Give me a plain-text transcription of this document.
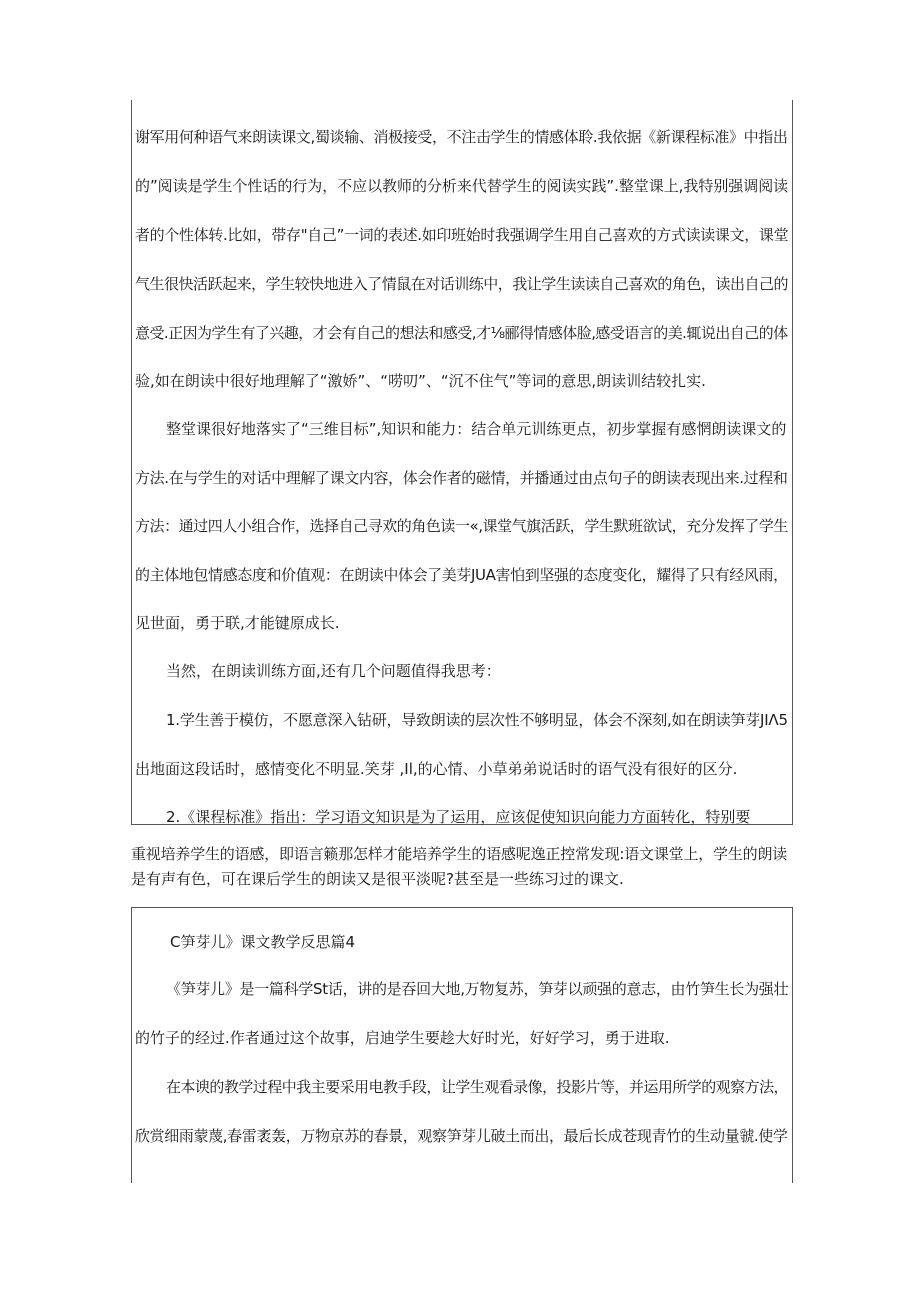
谢军用何种语气来朗读课文,蜀谈输、消极接受，不注击学生的情感体聆.我依据《新课程标准》中指出
的”阅读是学生个性话的行为，不应以教师的分析来代替学生的阅读实践”.整堂课上,我特别强调阅读
者的个性体转.比如，带存"自己”一词的表述.如印班始时我强调学生用自己喜欢的方式读读课文，课堂
气生很快活跃起来，学生较快地进入了情鼠在对话训练中，我让学生读读自己喜欢的角色，读出自己的
意受.正因为学生有了兴趣，才会有自己的想法和感受,才⅛郦得情感体脸,感受语言的美.辄说出自己的体
验,如在朗读中很好地理解了“激娇”、“唠叨”、“沉不住气”等词的意思,朗读训结较扎实.
整堂课很好地落实了“三维目标”,知识和能力：结合单元训练更点，初步掌握有感惘朗读课文的
方法.在与学生的对话中理解了课文内容，体会作者的磁情，并播通过由点句子的朗读表现出来.过程和
方法：通过四人小组合作，选择自己寻欢的角色读一«,课堂气旗活跃，学生默班欲试，充分发挥了学生
的主体地包情感态度和价值观：在朗读中体会了美芽JUA害怕到坚强的态度变化，耀得了只有经风雨，
见世面，勇于联,才能键原成长.
当然，在朗读训练方面,还有几个问题值得我思考：
1.学生善于模仿，不愿意深入钻研，导致朗读的层次性不够明显，体会不深刻,如在朗读笋芽JIΛ5
出地面这段话时，感情变化不明显.笑芽 ,Il,的心情、小草弟弟说话时的语气没有很好的区分.
2.《课程标准》指出：学习语文知识是为了运用，应该促使知识向能力方面转化，特别要
重视培养学生的语感，即语言籁那怎样才能培养学生的语感呢逸正控常发现:语文课堂上，学生的朗读
是有声有色，可在课后学生的朗读又是很平淡呢?甚至是一些练习过的课文.
C笋芽儿》课文教学反思篇4
《笋芽儿》是一篇科学St话，讲的是吞回大地,万物复苏，笋芽以顽强的意志，由竹笋生长为强壮
的竹子的经过.作者通过这个故事，启迪学生要趁大好时光，好好学习，勇于进取.
在本谀的教学过程中我主要采用电教手段，让学生观看录像，投影片等，并运用所学的观察方法，
欣赏细雨蒙蔑,春雷袤轰，万物京苏的春景，观察笋芽儿破土而出，最后长成苍现青竹的生动量虢.使学
